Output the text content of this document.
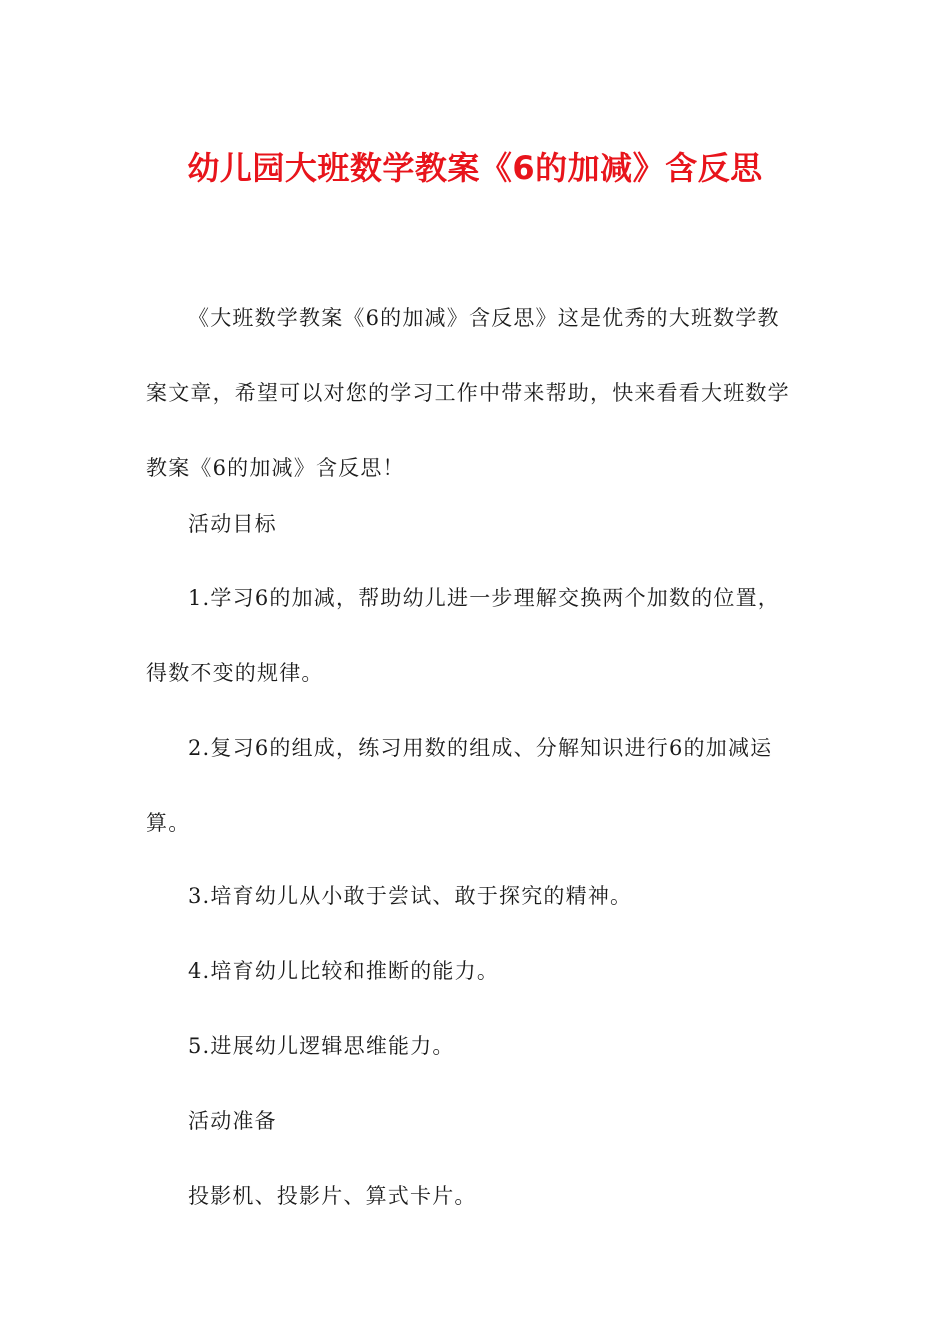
幼儿园大班数学教案《6的加减》含反思

《大班数学教案《6的加减》含反思》这是优秀的大班数学教案文章，希望可以对您的学习工作中带来帮助，快来看看大班数学教案《6的加减》含反思！

活动目标

1.学习6的加减，帮助幼儿进一步理解交换两个加数的位置，得数不变的规律。

2.复习6的组成，练习用数的组成、分解知识进行6的加减运算。

3.培育幼儿从小敢于尝试、敢于探究的精神。

4.培育幼儿比较和推断的能力。

5.进展幼儿逻辑思维能力。

活动准备

投影机、投影片、算式卡片。
